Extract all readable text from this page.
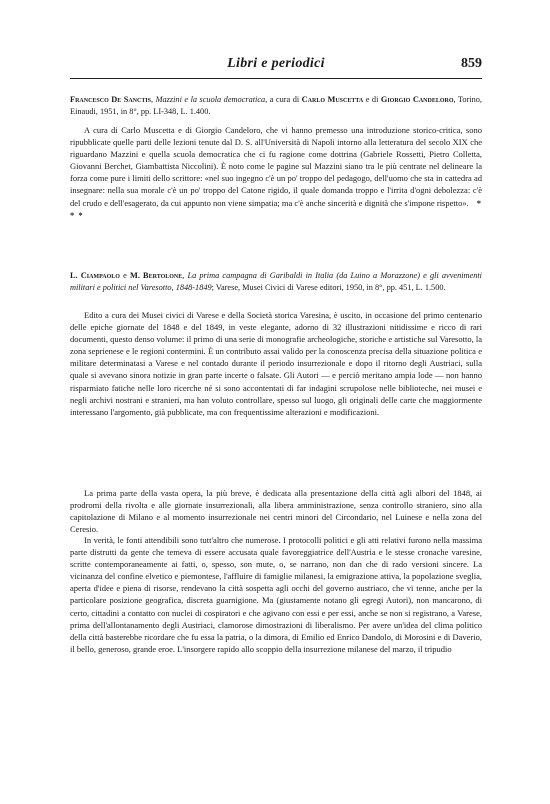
Libri e periodici	859

Francesco De Sanctis, Mazzini e la scuola democratica, a cura di Carlo Muscetta e di Giorgio Candeloro, Torino, Einaudi, 1951, in 8°, pp. LI-348, L. 1.400.

A cura di Carlo Muscetta e di Giorgio Candeloro, che vi hanno premesso una introduzione storico-critica, sono ripubblicate quelle parti delle lezioni tenute dal D. S. all'Università di Napoli intorno alla letteratura del secolo XIX che riguardano Mazzini e quella scuola democratica che ci fu ragione come dottrina (Gabriele Rossetti, Pietro Colletta, Giovanni Berchet, Giambattista Niccolini). È noto come le pagine sul Mazzini siano tra le più centrate nel delineare la forza come pure i limiti dello scrittore: «nel suo ingegno c'è un po' troppo del pedagogo, dell'uomo che sta in cattedra ad insegnare: nella sua morale c'è un po' troppo del Catone rigido, il quale domanda troppo e l'irrita d'ogni debolezza: c'è del crudo e dell'esagerato, da cui appunto non viene simpatia; ma c'è anche sincerità e dignità che s'impone rispetto». * * *

L. Ciampaolo e M. Bertolone, La prima campagna di Garibaldi in Italia (da Luino a Morazzone) e gli avvenimenti militari e politici nel Varesotto, 1848-1849; Varese, Musei Civici di Varese editori, 1950, in 8°, pp. 451, L. 1.500.

Edito a cura dei Musei civici di Varese e della Società storica Varesina, è uscito, in occasione del primo centenario delle epiche giornate del 1848 e del 1849, in veste elegante, adorno di 32 illustrazioni nitidissime e ricco di rari documenti, questo denso volume: il primo di una serie di monografie archeologiche, storiche e artistiche sul Varesotto, la zona seprienese e le regioni contermini. È un contributo assai valido per la conoscenza precisa della situazione politica e militare determinatasi a Varese e nel contado durante il periodo insurrezionale e dopo il ritorno degli Austriaci, sulla quale si avevano sinora notizie in gran parte incerte o falsate. Gli Autori — e perciò meritano ampia lode — non hanno risparmiato fatiche nelle loro ricerche né si sono accontentati di far indagini scrupolose nelle biblioteche, nei musei e negli archivi nostrani e stranieri, ma han voluto controllare, spesso sul luogo, gli originali delle carte che maggiormente interessano l'argomento, già pubblicate, ma con frequentissime alterazioni e modificazioni.

La prima parte della vasta opera, la più breve, è dedicata alla presentazione della città agli albori del 1848, ai prodromi della rivolta e alle giornate insurrezionali, alla libera amministrazione, senza controllo straniero, sino alla capitolazione di Milano e al momento insurrezionale nei centri minori del Circondario, nel Luinese e nella zona del Ceresio.

In verità, le fonti attendibili sono tutt'altro che numerose. I protocolli politici e gli atti relativi furono nella massima parte distrutti da gente che temeva di essere accusata quale favoreggiatrice dell'Austria e le stesse cronache varesine, scritte contemporaneamente ai fatti, o, spesso, son mute, o, se narrano, non dan che di rado versioni sincere. La vicinanza del confine elvetico e piemontese, l'affluire di famiglie milanesi, la emigrazione attiva, la popolazione sveglia, aperta d'idee e piena di risorse, rendevano la città sospetta agli occhi del governo austriaco, che vi tenne, anche per la particolare posizione geografica, discreta guarnigione. Ma (giustamente notano gli egregi Autori), non mancarono, di certo, cittadini a contatto con nuclei di cospiratori e che agivano con essi e per essi, anche se non si registrano, a Varese, prima dell'allontanamento degli Austriaci, clamorose dimostrazioni di liberalismo. Per avere un'idea del clima politico della città basterebbe ricordare che fu essa la patria, o la dimora, di Emilio ed Enrico Dandolo, di Morosini e di Daverio, il bello, generoso, grande eroe. L'insorgere rapido allo scoppio della insurrezione milanese del marzo, il tripudio
